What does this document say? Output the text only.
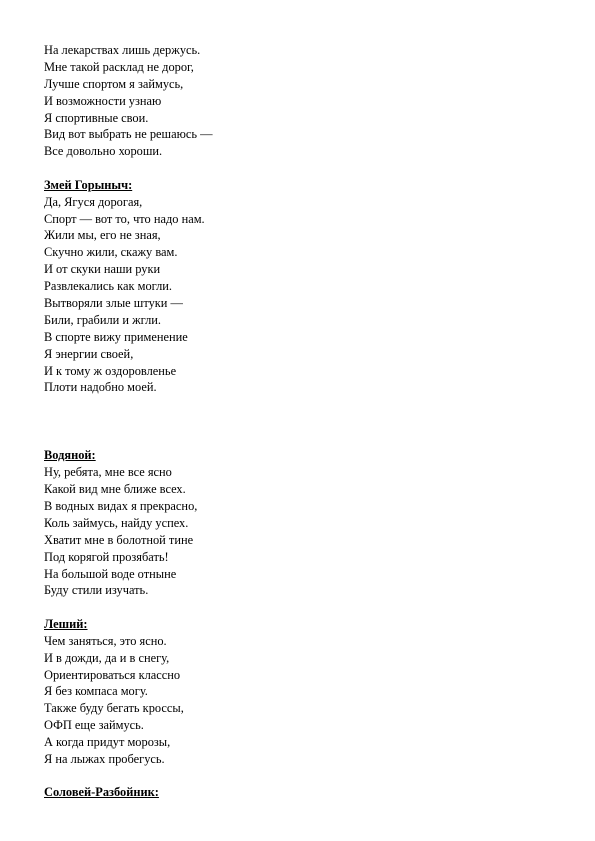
На лекарствах лишь держусь.
Мне такой расклад не дорог,
Лучше спортом я займусь,
И возможности узнаю
Я спортивные свои.
Вид вот выбрать не решаюсь —
Все довольно хороши.
Змей Горыныч:
Да, Ягуся дорогая,
Спорт — вот то, что надо нам.
Жили мы, его не зная,
Скучно жили, скажу вам.
И от скуки наши руки
Развлекались как могли.
Вытворяли злые штуки —
Били, грабили и жгли.
В спорте вижу применение
Я энергии своей,
И к тому ж оздоровленье
Плоти надобно моей.
Водяной:
Ну, ребята, мне все ясно
Какой вид мне ближе всех.
В водных видах я прекрасно,
Коль займусь, найду успех.
Хватит мне в болотной тине
Под корягой прозябать!
На большой воде отныне
Буду стили изучать.
Леший:
Чем заняться, это ясно.
И в дожди, да и в снегу,
Ориентироваться классно
Я без компаса могу.
Также буду бегать кроссы,
ОФП еще займусь.
А когда придут морозы,
Я на лыжах пробегусь.
Соловей-Разбойник:
